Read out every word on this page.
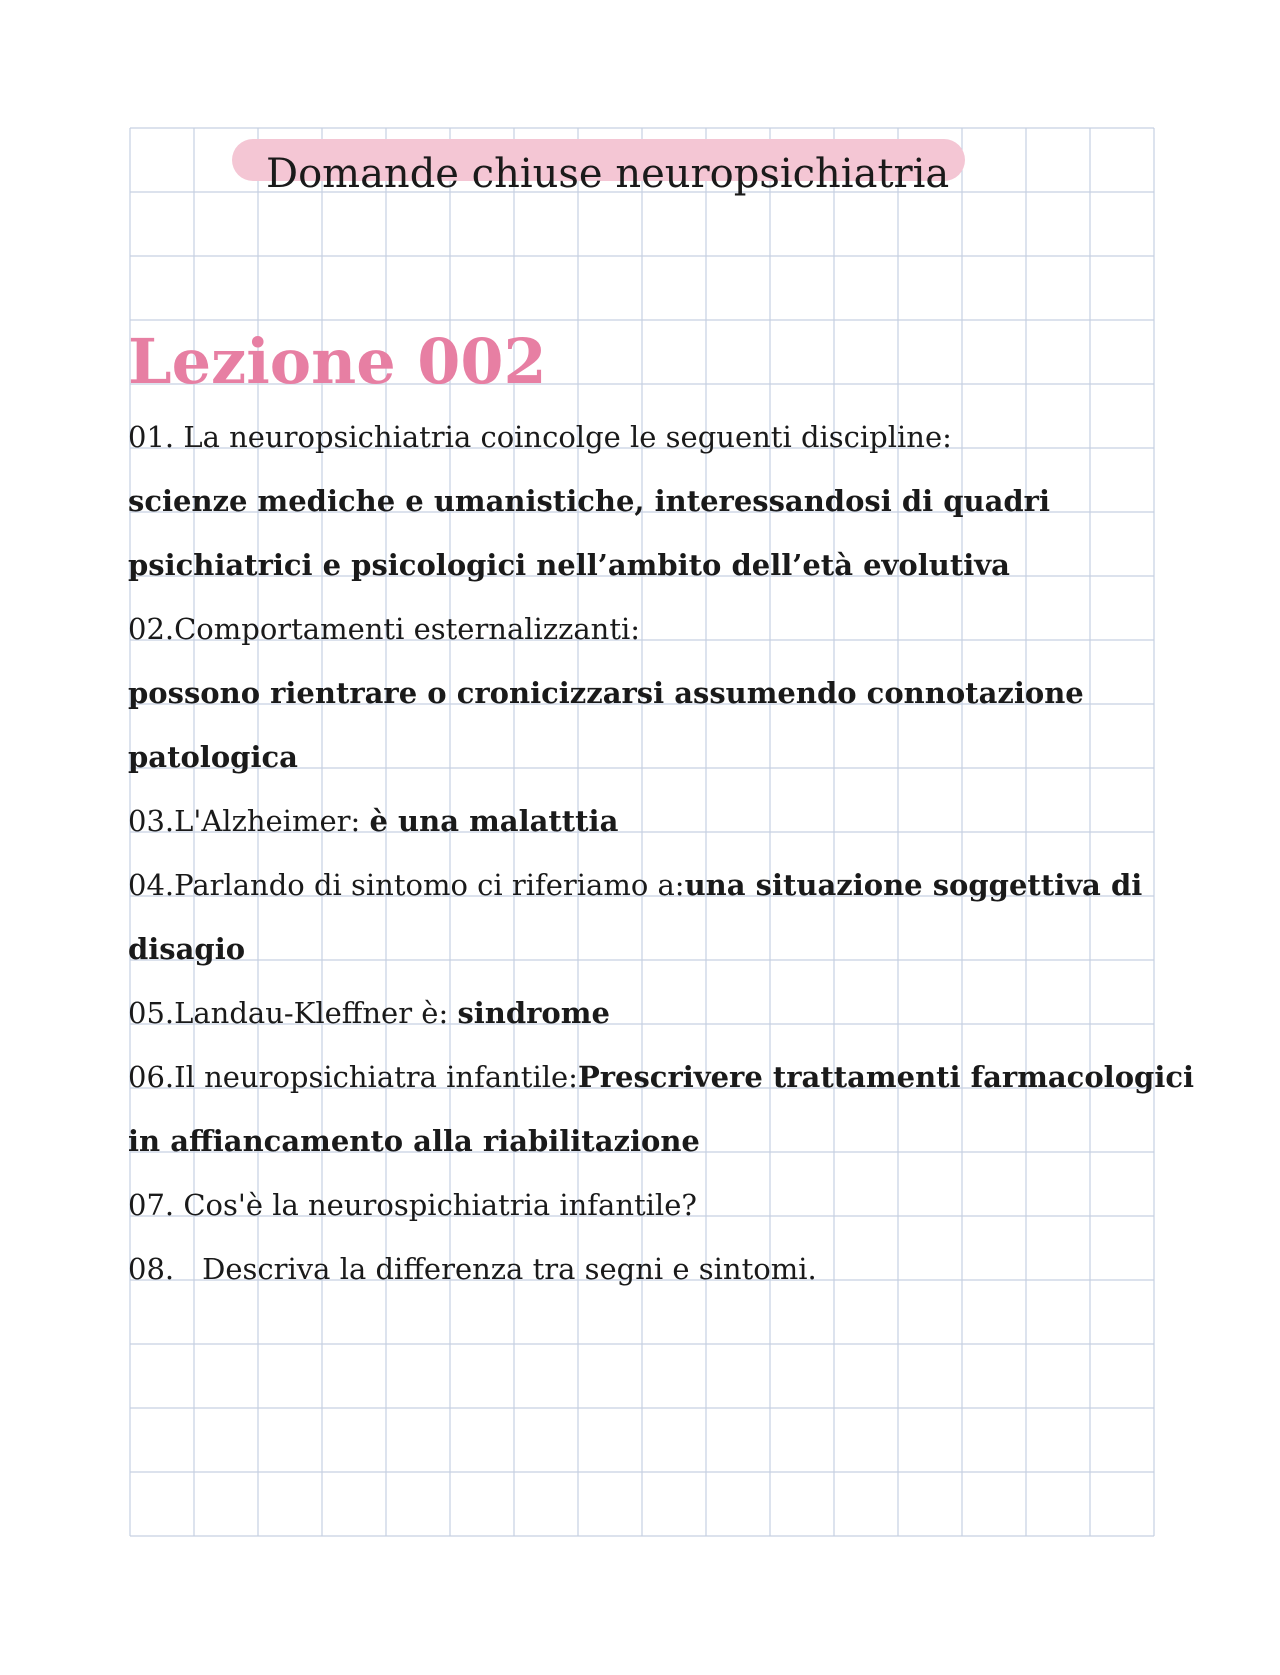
Domande chiuse neuropsichiatria
Lezione 002
01. La neuropsichiatria coincolge le seguenti discipline:
scienze mediche e umanistiche, interessandosi di quadri
psichiatrici e psicologici nell’ambito dell’età evolutiva
02.Comportamenti esternalizzanti:
possono rientrare o cronicizzarsi assumendo connotazione
patologica
03.L'Alzheimer: è una malatttia
04.Parlando di sintomo ci riferiamo a:una situazione soggettiva di
disagio
05.Landau-Kleffner è: sindrome
06.Il neuropsichiatra infantile:Prescrivere trattamenti farmacologici
in affiancamento alla riabilitazione
07. Cos'è la neurospichiatria infantile?
08. Descriva la differenza tra segni e sintomi.
